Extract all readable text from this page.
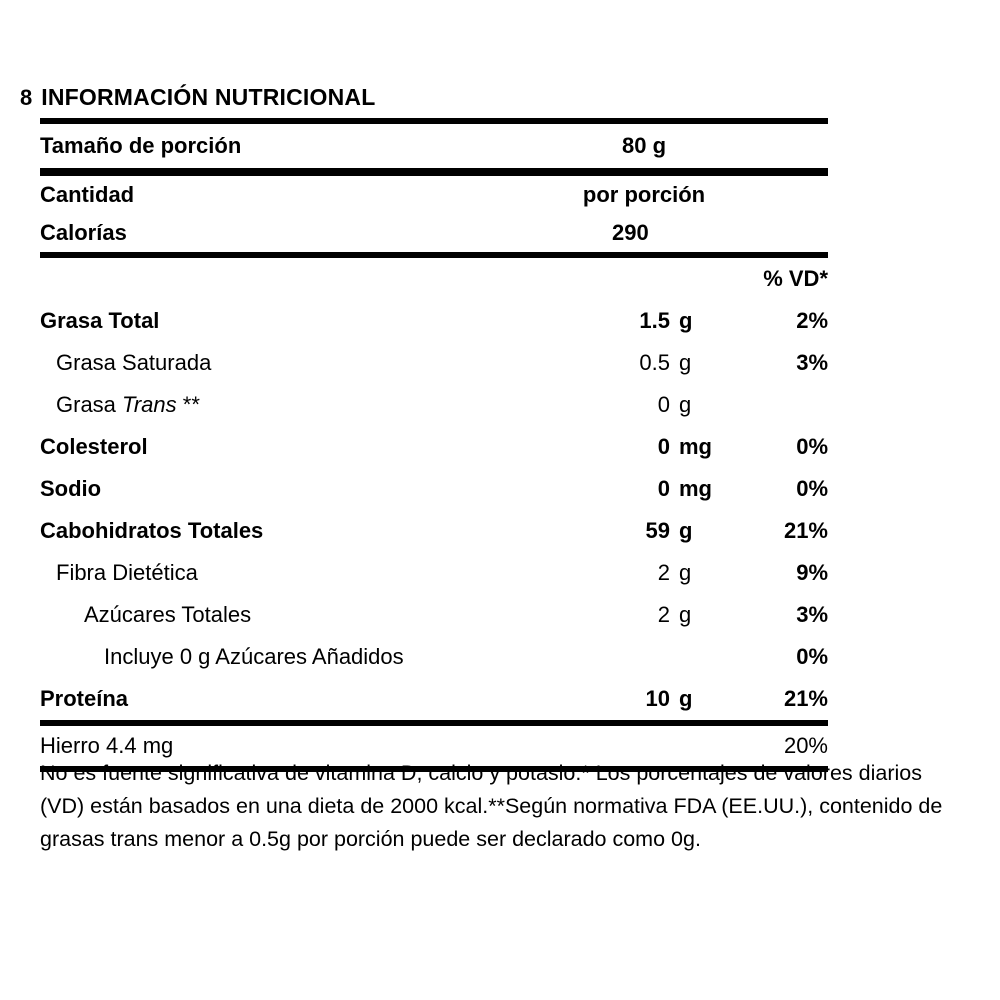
8 INFORMACIÓN NUTRICIONAL
Tamaño de porción	80 g
Cantidad	por porción
Calorías	290
% VD*
Grasa Total	1.5 g	2%
Grasa Saturada	0.5 g	3%
Grasa Trans **	0 g
Colesterol	0 mg	0%
Sodio	0 mg	0%
Cabohidratos Totales	59 g	21%
Fibra Dietética	2 g	9%
Azúcares Totales	2 g	3%
Incluye 0 g Azúcares Añadidos	0%
Proteína	10 g	21%
Hierro 4.4 mg	20%
No es fuente significativa de vitamina D, calcio y potasio.* Los porcentajes de valores diarios (VD) están basados en una dieta de 2000 kcal.**Según normativa FDA (EE.UU.), contenido de grasas trans menor a 0.5g por porción puede ser declarado como 0g.
